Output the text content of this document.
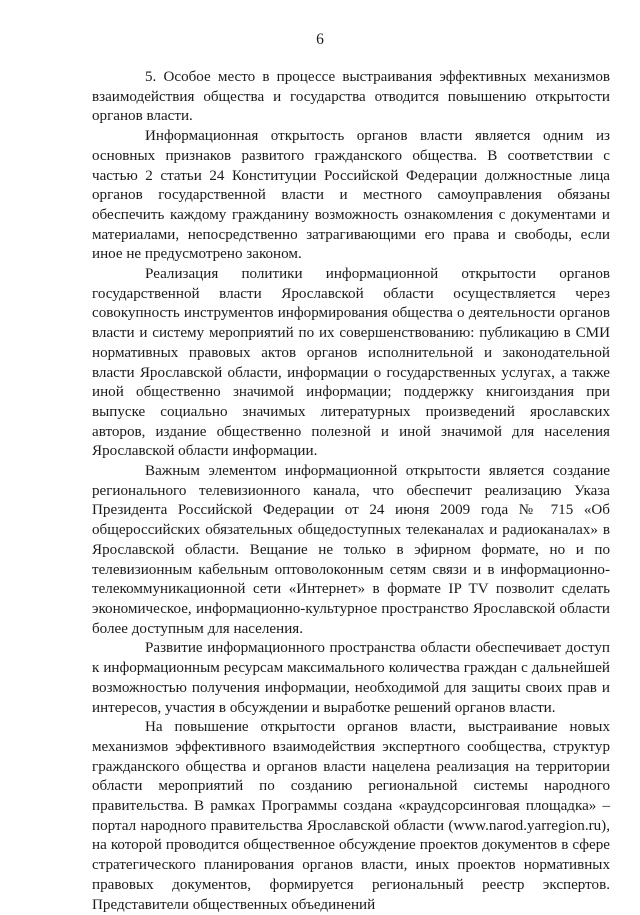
6

5. Особое место в процессе выстраивания эффективных механизмов взаимодействия общества и государства отводится повышению открытости органов власти.

Информационная открытость органов власти является одним из основных признаков развитого гражданского общества. В соответствии с частью 2 статьи 24 Конституции Российской Федерации должностные лица органов государственной власти и местного самоуправления обязаны обеспечить каждому гражданину возможность ознакомления с документами и материалами, непосредственно затрагивающими его права и свободы, если иное не предусмотрено законом.

Реализация политики информационной открытости органов государственной власти Ярославской области осуществляется через совокупность инструментов информирования общества о деятельности органов власти и систему мероприятий по их совершенствованию: публикацию в СМИ нормативных правовых актов органов исполнительной и законодательной власти Ярославской области, информации о государственных услугах, а также иной общественно значимой информации; поддержку книгоиздания при выпуске социально значимых литературных произведений ярославских авторов, издание общественно полезной и иной значимой для населения Ярославской области информации.

Важным элементом информационной открытости является создание регионального телевизионного канала, что обеспечит реализацию Указа Президента Российской Федерации от 24 июня 2009 года № 715 «Об общероссийских обязательных общедоступных телеканалах и радиоканалах» в Ярославской области. Вещание не только в эфирном формате, но и по телевизионным кабельным оптоволоконным сетям связи и в информационно-телекоммуникационной сети «Интернет» в формате IP TV позволит сделать экономическое, информационно-культурное пространство Ярославской области более доступным для населения.

Развитие информационного пространства области обеспечивает доступ к информационным ресурсам максимального количества граждан с дальнейшей возможностью получения информации, необходимой для защиты своих прав и интересов, участия в обсуждении и выработке решений органов власти.

На повышение открытости органов власти, выстраивание новых механизмов эффективного взаимодействия экспертного сообщества, структур гражданского общества и органов власти нацелена реализация на территории области мероприятий по созданию региональной системы народного правительства. В рамках Программы создана «краудсорсинговая площадка» – портал народного правительства Ярославской области (www.narod.yarregion.ru), на которой проводится общественное обсуждение проектов документов в сфере стратегического планирования органов власти, иных проектов нормативных правовых документов, формируется региональный реестр экспертов. Представители общественных объединений
